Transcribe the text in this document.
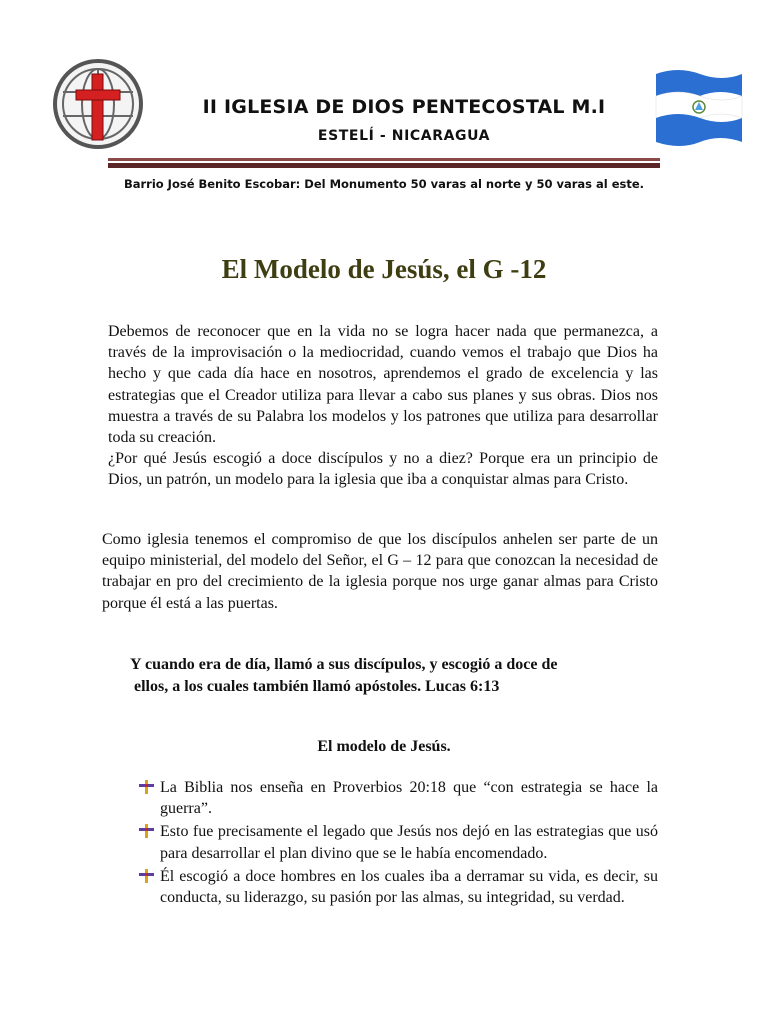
II IGLESIA DE DIOS PENTECOSTAL M.I
ESTELÍ - NICARAGUA
Barrio José Benito Escobar: Del Monumento 50 varas al norte y 50 varas al este.
El Modelo de Jesús, el G -12

Debemos de reconocer que en la vida no se logra hacer nada que permanezca, a través de la improvisación o la mediocridad, cuando vemos el trabajo que Dios ha hecho y que cada día hace en nosotros, aprendemos el grado de excelencia y las estrategias que el Creador utiliza para llevar a cabo sus planes y sus obras. Dios nos muestra a través de su Palabra los modelos y los patrones que utiliza para desarrollar toda su creación.

¿Por qué Jesús escogió a doce discípulos y no a diez? Porque era un principio de Dios, un patrón, un modelo para la iglesia que iba a conquistar almas para Cristo.

Como iglesia tenemos el compromiso de que los discípulos anhelen ser parte de un equipo ministerial, del modelo del Señor, el G – 12 para que conozcan la necesidad de trabajar en pro del crecimiento de la iglesia porque nos urge ganar almas para Cristo porque él está a las puertas.

Y cuando era de día, llamó a sus discípulos, y escogió a doce de
ellos, a los cuales también llamó apóstoles. Lucas 6:13
El modelo de Jesús.
La Biblia nos enseña en Proverbios 20:18 que “con estrategia se hace la guerra”.
Esto fue precisamente el legado que Jesús nos dejó en las estrategias que usó para desarrollar el plan divino que se le había encomendado.
Él escogió a doce hombres en los cuales iba a derramar su vida, es decir, su conducta, su liderazgo, su pasión por las almas, su integridad, su verdad.
